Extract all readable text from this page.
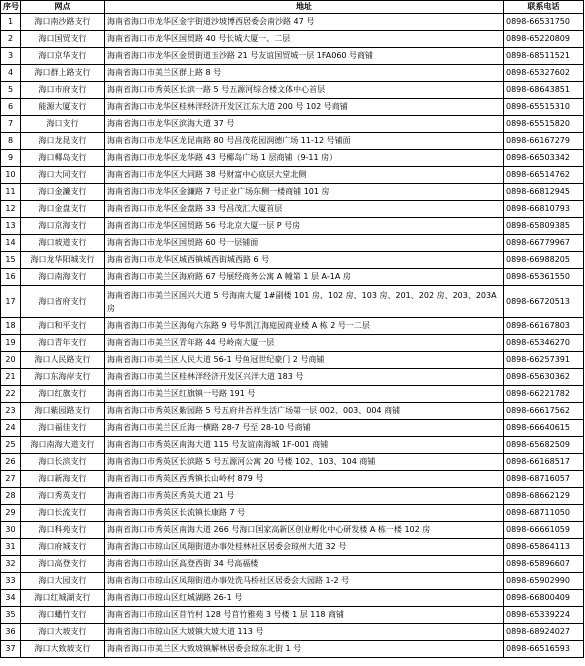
序号	网点	地址	联系电话
1	海口南沙路支行	海南省海口市龙华区金宇街道沙坡博西居委会南沙路 47 号	0898-66531750
2	海口国贸支行	海南省海口市龙华区国贸路 40 号长城大厦一、二层	0898-65220809
3	海口京华支行	海南省海口市龙华区金贸街道玉沙路 21 号友谊国贸城一层 1FA060 号商铺	0898-68511521
4	海口群上路支行	海南省海口市美兰区群上路 8 号	0898-65327602
5	海口市府支行	海南省海口市秀英区长滨一路 5 号五源河综合楼文体中心首层	0898-68643851
6	能源大厦支行	海南省海口市龙华区桂林洋经济开发区江东大道 200 号 102 号商铺	0898-65515310
7	海口支行	海南省海口市龙华区滨海大道 37 号	0898-65515820
8	海口龙昆支行	海南省海口市龙华区龙昆南路 80 号昌茂花园润德广场 11-12 号铺面	0898-66167279
9	海口椰岛支行	海南省海口市龙华区龙华路 43 号椰岛广场 1 层商铺（9-11 房）	0898-66503342
10	海口大同支行	海南省海口市龙华区大同路 38 号财富中心底层大堂北侧	0898-66514762
11	海口金濂支行	海南省海口市龙华区金濂路 7 号正业广场东侧一楼商铺 101 房	0898-66812945
12	海口金盘支行	海南省海口市龙华区金盘路 33 号昌茂汇大厦首层	0898-66810793
13	海口京海支行	海南省海口市龙华区国贸路 56 号北京大厦一层 P 号房	0898-65809385
14	海口坡道支行	海南省海口市龙华区国贸路 60 号一层铺面	0898-66779967
15	海口龙华阳城支行	海南省海口市龙华区城西镇城西街城西路 6 号	0898-66988205
16	海口南海支行	海南省海口市美兰区海府路 67 号展经商务公寓 A 幢第 1 层 A-1A 房	0898-65361550
17	海口省府支行	海南省海口市美兰区国兴大道 5 号海南大厦 1#副楼 101 房、102 房、103 房、201、202 房、203、203A 房	0898-66720513
18	海口和平支行	海南省海口市美兰区海甸六东路 9 号华凯江海庭园商业楼 A 栋 2 号一二层	0898-66167803
19	海口青年支行	海南省海口市美兰区青年路 44 号岭南大厦一层	0898-65346270
20	海口人民路支行	海南省海口市美兰区人民大道 56-1 号鱼冠世纪豪门 2 号商铺	0898-66257391
21	海口东海岸支行	海南省海口市美兰区桂林洋经济开发区兴洋大道 183 号	0898-65630362
22	海口红旗支行	海南省海口市美兰区红旗镇一号路 191 号	0898-66221782
23	海口紫园路支行	海南省海口市秀英区紫园路 5 号五府井吾祥生活广场第一层 002、003、004 商铺	0898-66617562
24	海口福佳支行	海南省海口市美兰区丘海一横路 28-7 号至 28-10 号商铺	0898-66640615
25	海口南海大道支行	海南省海口市秀英区南海大道 115 号友谊南海城 1F-001 商铺	0898-65682509
26	海口长滨支行	海南省海口市秀英区长滨路 5 号五源河公寓 20 号楼 102、103、104 商铺	0898-66168517
27	海口新海支行	海南省海口市秀英区西秀镇长山岭村 879 号	0898-68716057
28	海口秀英支行	海南省海口市秀英区秀英大道 21 号	0898-68662129
29	海口长流支行	海南省海口市秀英区长流镇长康路 7 号	0898-68711050
30	海口科苑支行	海南省海口市秀英区南海大道 266 号海口国家高新区创业孵化中心研发楼 A 栋一楼 102 房	0898-66661059
31	海口府城支行	海南省海口市琼山区凤翔街道办事处桂林社区居委会琼州大道 32 号	0898-65864113
32	海口高登支行	海南省海口市琼山区高登西街 34 号高福楼	0898-65896607
33	海口大园支行	海南省海口市琼山区凤翔街道办事处洗马桥社区居委会大园路 1-2 号	0898-65902990
34	海口红城湖支行	海南省海口市琼山区红城湖路 26-1 号	0898-66800409
35	海口蟠竹支行	海南省海口市琼山区苜竹村 128 号苜竹雅苑 3 号楼 1 层 118 商铺	0898-65339224
36	海口大坡支行	海南省海口市琼山区大坡镇大坡大道 113 号	0898-68924027
37	海口大致坡支行	海南省海口市美兰区大致坡镇解林居委会琼东北街 1 号	0898-66516593
